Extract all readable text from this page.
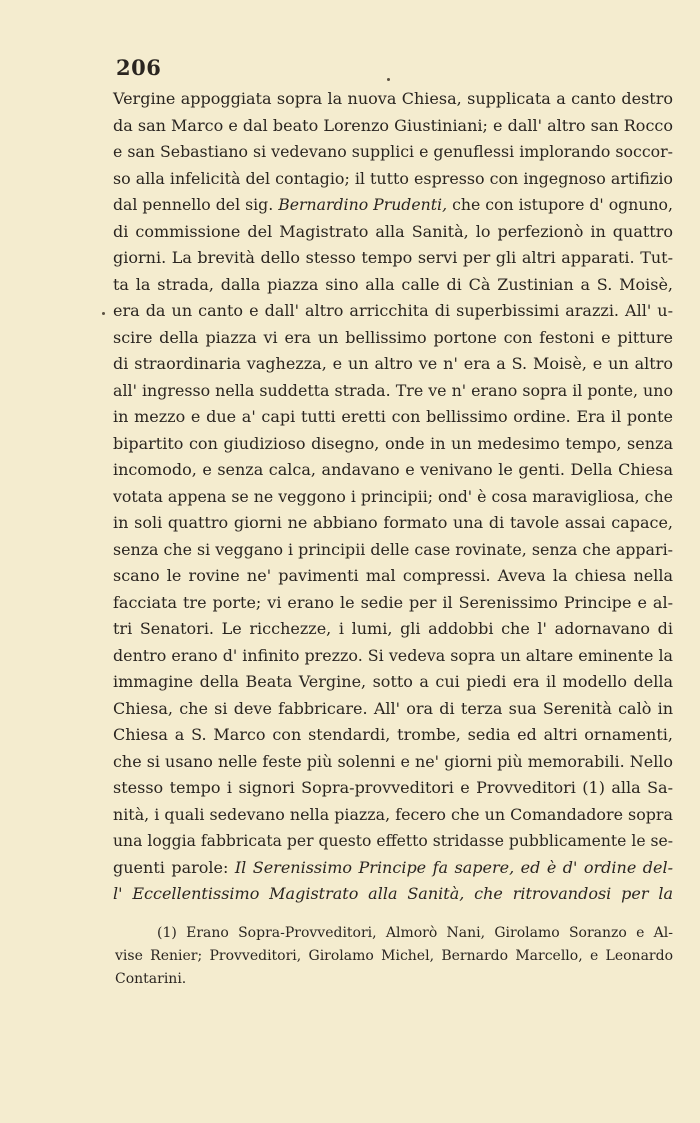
206
Vergine appoggiata sopra la nuova Chiesa, supplicata a canto destro
da san Marco e dal beato Lorenzo Giustiniani; e dall' altro san Rocco
e san Sebastiano si vedevano supplici e genuflessi implorando soccor-
so alla infelicità del contagio; il tutto espresso con ingegnoso artifizio
dal pennello del sig. Bernardino Prudenti, che con istupore d' ognuno,
di commissione del Magistrato alla Sanità, lo perfezionò in quattro
giorni. La brevità dello stesso tempo servi per gli altri apparati. Tut-
ta la strada, dalla piazza sino alla calle di Cà Zustinian a S. Moisè,
era da un canto e dall' altro arricchita di superbissimi arazzi. All' u-
scire della piazza vi era un bellissimo portone con festoni e pitture
di straordinaria vaghezza, e un altro ve n' era a S. Moisè, e un altro
all' ingresso nella suddetta strada. Tre ve n' erano sopra il ponte, uno
in mezzo e due a' capi tutti eretti con bellissimo ordine. Era il ponte
bipartito con giudizioso disegno, onde in un medesimo tempo, senza
incomodo, e senza calca, andavano e venivano le genti. Della Chiesa
votata appena se ne veggono i principii; ond' è cosa maravigliosa, che
in soli quattro giorni ne abbiano formato una di tavole assai capace,
senza che si veggano i principii delle case rovinate, senza che appari-
scano le rovine ne' pavimenti mal compressi. Aveva la chiesa nella
facciata tre porte; vi erano le sedie per il Serenissimo Principe e al-
tri Senatori. Le ricchezze, i lumi, gli addobbi che l' adornavano di
dentro erano d' infinito prezzo. Si vedeva sopra un altare eminente la
immagine della Beata Vergine, sotto a cui piedi era il modello della
Chiesa, che si deve fabbricare. All' ora di terza sua Serenità calò in
Chiesa a S. Marco con stendardi, trombe, sedia ed altri ornamenti,
che si usano nelle feste più solenni e ne' giorni più memorabili. Nello
stesso tempo i signori Sopra-provveditori e Provveditori (1) alla Sa-
nità, i quali sedevano nella piazza, fecero che un Comandadore sopra
una loggia fabbricata per questo effetto stridasse pubblicamente le se-
guenti parole: Il Serenissimo Principe fa sapere, ed è d' ordine del-
l' Eccellentissimo Magistrato alla Sanità, che ritrovandosi per la
(1) Erano Sopra-Provveditori, Almorò Nani, Girolamo Soranzo e Al-
vise Renier; Provveditori, Girolamo Michel, Bernardo Marcello, e Leonardo
Contarini.
